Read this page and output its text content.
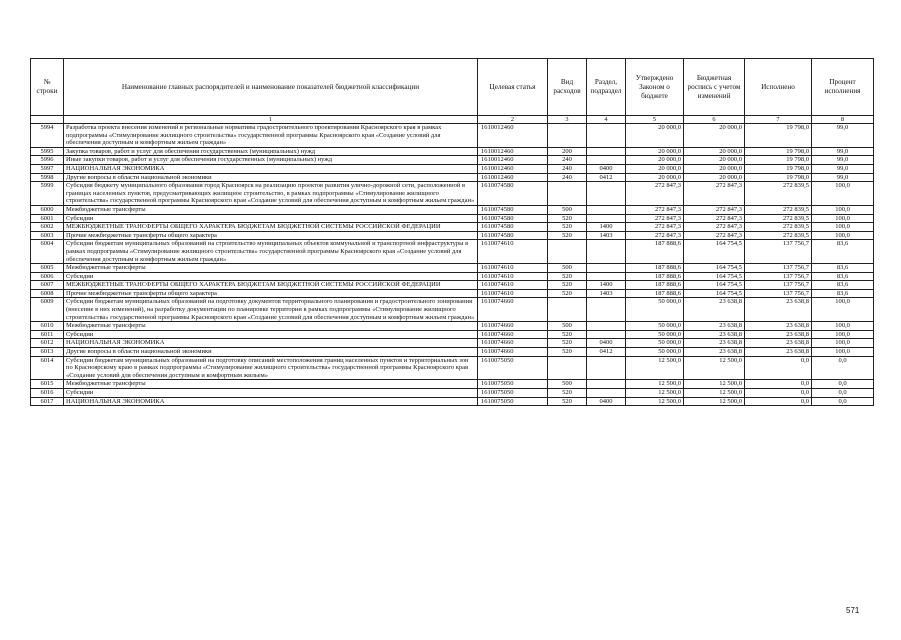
№ строки	Наименование главных распорядителей и наименование показателей бюджетной классификации	Целевая статья	Вид расходов	Раздел, подраздел	Утверждено Законом о бюджете	Бюджетная роспись с учетом изменений	Исполнено	Процент исполнения
	1	2	3	4	5	6	7	8
5994	Разработка проекта внесения изменений в региональные нормативы градостроительного проектирования Красноярского края в рамках подпрограммы «Стимулирование жилищного строительства» государственной программы Красноярского края «Создание условий для обеспечения доступным и комфортным жильем граждан»	1610012460			20 000,0	20 000,0	19 798,0	99,0
5995	Закупка товаров, работ и услуг для обеспечения государственных (муниципальных) нужд	1610012460	200		20 000,0	20 000,0	19 798,0	99,0
5996	Иные закупки товаров, работ и услуг для обеспечения государственных (муниципальных) нужд	1610012460	240		20 000,0	20 000,0	19 798,0	99,0
5997	НАЦИОНАЛЬНАЯ ЭКОНОМИКА	1610012460	240	0400	20 000,0	20 000,0	19 798,0	99,0
5998	Другие вопросы в области национальной экономики	1610012460	240	0412	20 000,0	20 000,0	19 798,0	99,0
5999	Субсидия бюджету муниципального образования город Красноярск на реализацию проектов развития улично-дорожной сети, расположенной в границах населенных пунктов, предусматривающих жилищное строительство, в рамках подпрограммы «Стимулирование жилищного строительства» государственной программы Красноярского края «Создание условий для обеспечения доступным и комфортным жильем граждан»	1610074580			272 847,3	272 847,3	272 839,5	100,0
6000	Межбюджетные трансферты	1610074580	500		272 847,3	272 847,3	272 839,5	100,0
6001	Субсидии	1610074580	520		272 847,3	272 847,3	272 839,5	100,0
6002	МЕЖБЮДЖЕТНЫЕ ТРАНСФЕРТЫ ОБЩЕГО ХАРАКТЕРА БЮДЖЕТАМ БЮДЖЕТНОЙ СИСТЕМЫ РОССИЙСКОЙ ФЕДЕРАЦИИ	1610074580	520	1400	272 847,3	272 847,3	272 839,5	100,0
6003	Прочие межбюджетные трансферты общего характера	1610074580	520	1403	272 847,3	272 847,3	272 839,5	100,0
6004	Субсидии бюджетам муниципальных образований на строительство муниципальных объектов коммунальной и транспортной инфраструктуры в рамках подпрограммы «Стимулирование жилищного строительства» государственной программы Красноярского края «Создание условий для обеспечения доступным и комфортным жильем граждан»	1610074610			187 888,6	164 754,5	137 756,7	83,6
6005	Межбюджетные трансферты	1610074610	500		187 888,6	164 754,5	137 756,7	83,6
6006	Субсидии	1610074610	520		187 888,6	164 754,5	137 756,7	83,6
6007	МЕЖБЮДЖЕТНЫЕ ТРАНСФЕРТЫ ОБЩЕГО ХАРАКТЕРА БЮДЖЕТАМ БЮДЖЕТНОЙ СИСТЕМЫ РОССИЙСКОЙ ФЕДЕРАЦИИ	1610074610	520	1400	187 888,6	164 754,5	137 756,7	83,6
6008	Прочие межбюджетные трансферты общего характера	1610074610	520	1403	187 888,6	164 754,5	137 756,7	83,6
6009	Субсидии бюджетам муниципальных образований на подготовку документов территориального планирования и градостроительного зонирования (внесение в них изменений), на разработку документации по планировке территории в рамках подпрограммы «Стимулирование жилищного строительства» государственной программы Красноярского края «Создание условий для обеспечения доступным и комфортным жильем граждан»	1610074660			50 000,0	23 638,8	23 638,8	100,0
6010	Межбюджетные трансферты	1610074660	500		50 000,0	23 638,8	23 638,8	100,0
6011	Субсидии	1610074660	520		50 000,0	23 638,8	23 638,8	100,0
6012	НАЦИОНАЛЬНАЯ ЭКОНОМИКА	1610074660	520	0400	50 000,0	23 638,8	23 638,8	100,0
6013	Другие вопросы в области национальной экономики	1610074660	520	0412	50 000,0	23 638,8	23 638,8	100,0
6014	Субсидии бюджетам муниципальных образований на подготовку описаний местоположения границ населенных пунктов и территориальных зон по Красноярскому краю в рамках подпрограммы «Стимулирование жилищного строительства» государственной программы Красноярского края «Создание условий для обеспечения доступным и комфортным жильем»	1610075050			12 500,0	12 500,0	0,0	0,0
6015	Межбюджетные трансферты	1610075050	500		12 500,0	12 500,0	0,0	0,0
6016	Субсидии	1610075050	520		12 500,0	12 500,0	0,0	0,0
6017	НАЦИОНАЛЬНАЯ ЭКОНОМИКА	1610075050	520	0400	12 500,0	12 500,0	0,0	0,0
571
